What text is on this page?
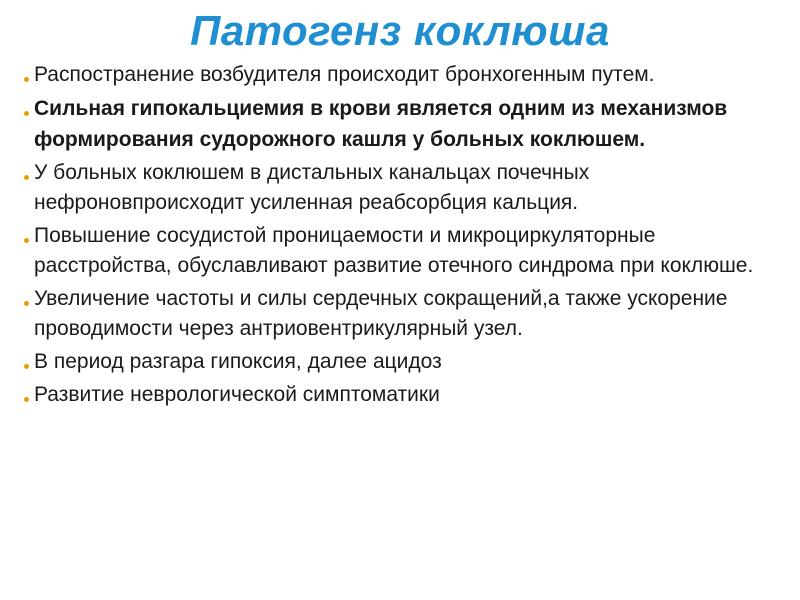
Патогенз коклюша
Распостранение возбудителя происходит бронхогенным путем.
Сильная гипокальциемия в крови является одним из механизмов формирования судорожного кашля у больных коклюшем.
У больных коклюшем в дистальных канальцах почечных нефроновпроисходит усиленная реабсорбция кальция.
Повышение сосудистой проницаемости и микроциркуляторные расстройства, обуславливают развитие отечного синдрома при коклюше.
Увеличение частоты и силы сердечных сокращений,а также ускорение проводимости через антриовентрикулярный узел.
В период разгара гипоксия, далее ацидоз
Развитие неврологической симптоматики
